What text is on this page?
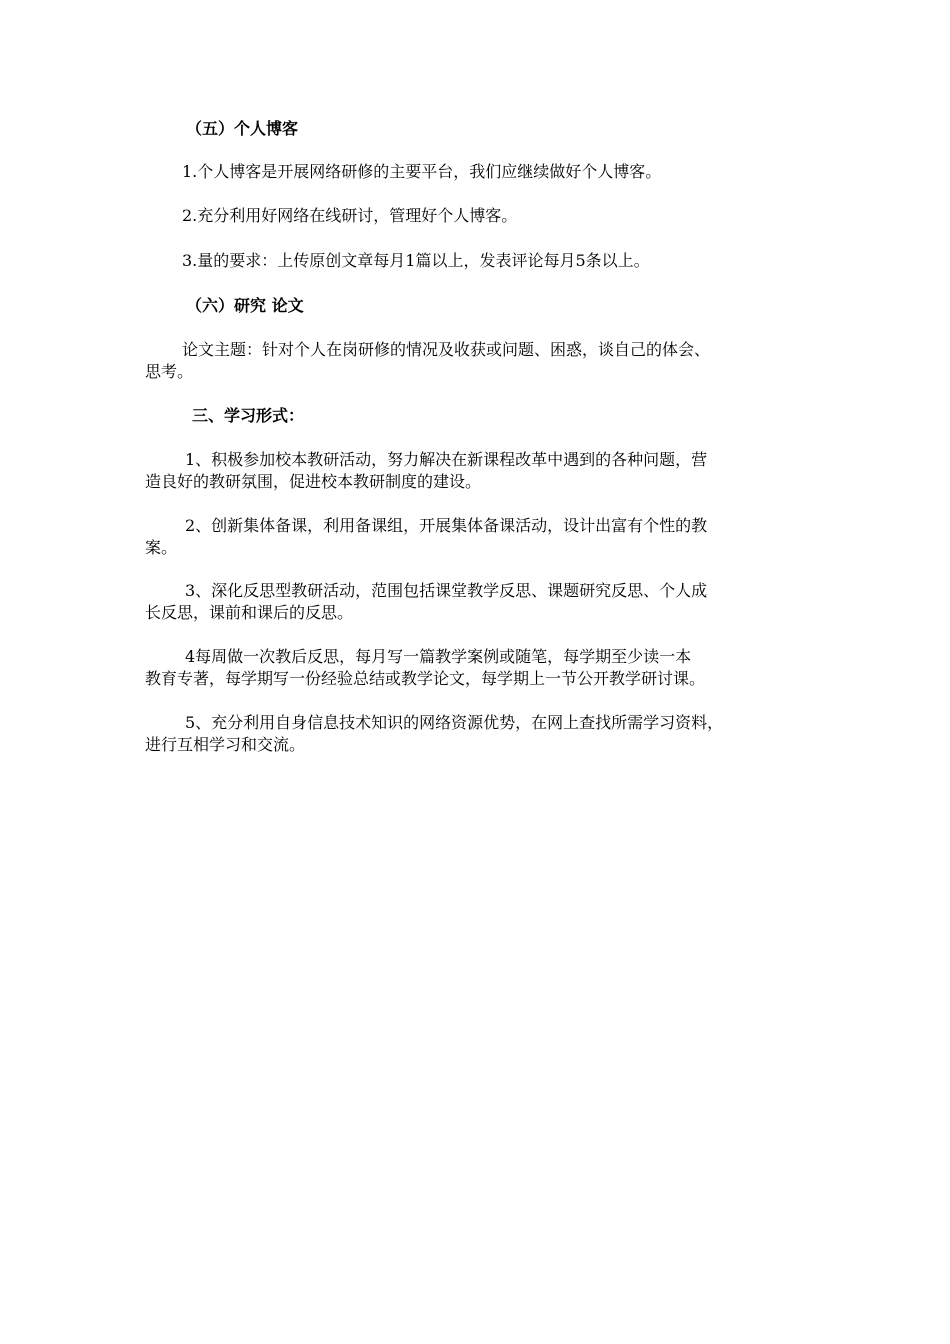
（五）个人博客
1.个人博客是开展网络研修的主要平台，我们应继续做好个人博客。
2.充分利用好网络在线研讨，管理好个人博客。
3.量的要求：上传原创文章每月1篇以上，发表评论每月5条以上。
（六）研究 论文
论文主题：针对个人在岗研修的情况及收获或问题、困惑，谈自己的体会、
思考。
三、学习形式：
1、积极参加校本教研活动，努力解决在新课程改革中遇到的各种问题，营
造良好的教研氛围，促进校本教研制度的建设。
2、创新集体备课，利用备课组，开展集体备课活动，设计出富有个性的教
案。
3、深化反思型教研活动，范围包括课堂教学反思、课题研究反思、个人成
长反思，课前和课后的反思。
4每周做一次教后反思，每月写一篇教学案例或随笔，每学期至少读一本
教育专著，每学期写一份经验总结或教学论文，每学期上一节公开教学研讨课。
5、充分利用自身信息技术知识的网络资源优势，在网上查找所需学习资料，
进行互相学习和交流。
